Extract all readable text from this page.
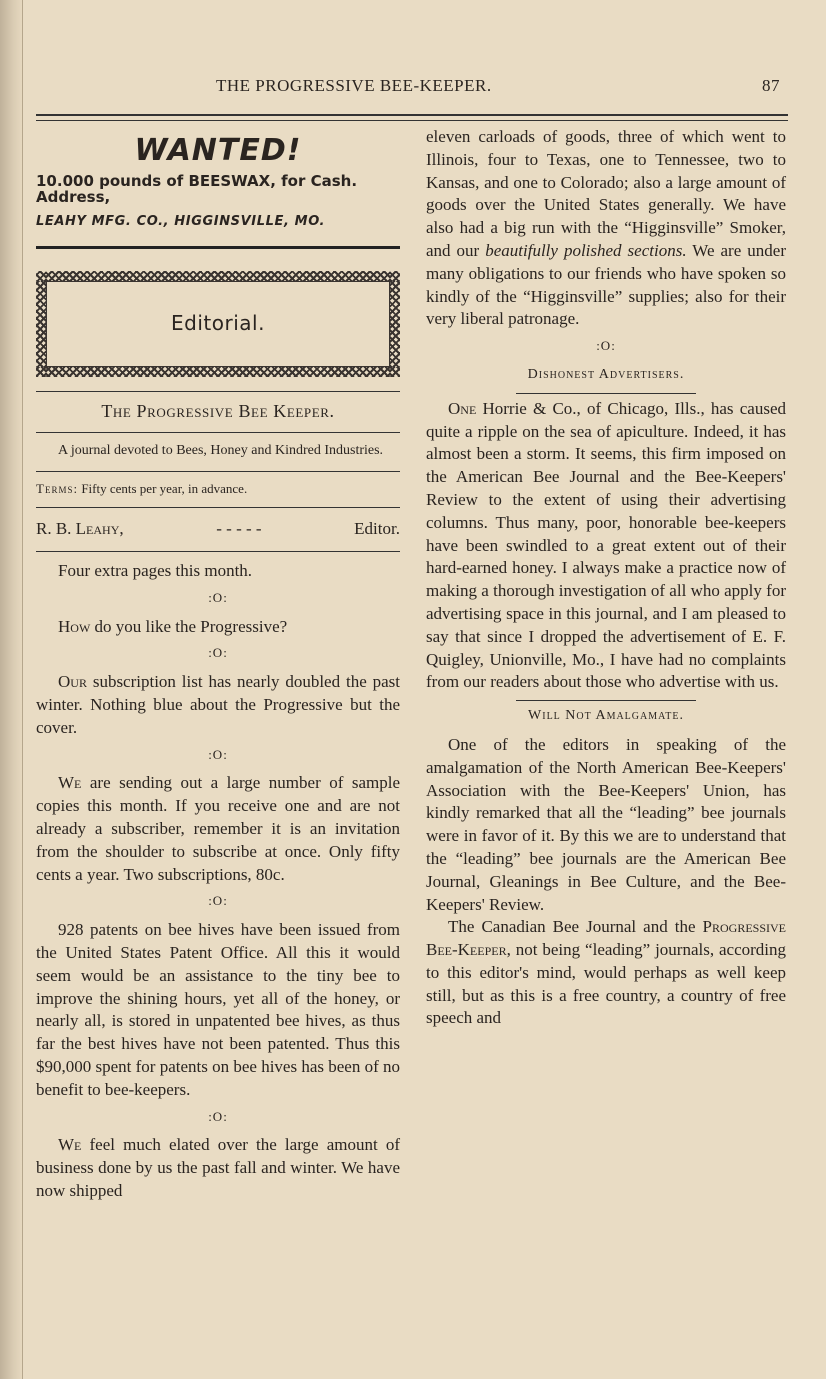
THE PROGRESSIVE BEE-KEEPER.	87
WANTED!
10.000 pounds of BEESWAX, for Cash. Address,
LEAHY MFG. CO., HIGGINSVILLE, MO.
Editorial.
The Progressive Bee Keeper.

A journal devoted to Bees, Honey and Kindred Industries.

Terms: Fifty cents per year, in advance.
R. B. Leahy,	- - - - -	Editor.

Four extra pages this month.

:O:

How do you like the Progressive?

:O:

Our subscription list has nearly doubled the past winter. Nothing blue about the Progressive but the cover.

:O:

We are sending out a large number of sample copies this month. If you receive one and are not already a subscriber, remember it is an invitation from the shoulder to subscribe at once. Only fifty cents a year. Two subscriptions, 80c.

:O:

928 patents on bee hives have been issued from the United States Patent Office. All this it would seem would be an assistance to the tiny bee to improve the shining hours, yet all of the honey, or nearly all, is stored in unpatented bee hives, as thus far the best hives have not been patented. Thus this $90,000 spent for patents on bee hives has been of no benefit to bee-keepers.

:O:

We feel much elated over the large amount of business done by us the past fall and winter. We have now shipped

eleven carloads of goods, three of which went to Illinois, four to Texas, one to Tennessee, two to Kansas, and one to Colorado; also a large amount of goods over the United States generally. We have also had a big run with the “Higginsville” Smoker, and our beautifully polished sections. We are under many obligations to our friends who have spoken so kindly of the “Higginsville” supplies; also for their very liberal patronage.

:O:
Dishonest Advertisers.

One Horrie & Co., of Chicago, Ills., has caused quite a ripple on the sea of apiculture. Indeed, it has almost been a storm. It seems, this firm imposed on the American Bee Journal and the Bee-Keepers' Review to the extent of using their advertising columns. Thus many, poor, honorable bee-keepers have been swindled to a great extent out of their hard-earned honey. I always make a practice now of making a thorough investigation of all who apply for advertising space in this journal, and I am pleased to say that since I dropped the advertisement of E. F. Quigley, Unionville, Mo., I have had no complaints from our readers about those who advertise with us.

Will Not Amalgamate.

One of the editors in speaking of the amalgamation of the North American Bee-Keepers' Association with the Bee-Keepers' Union, has kindly remarked that all the “leading” bee journals were in favor of it. By this we are to understand that the “leading” bee journals are the American Bee Journal, Gleanings in Bee Culture, and the Bee-Keepers' Review.

The Canadian Bee Journal and the Progressive Bee-Keeper, not being “leading” journals, according to this editor's mind, would perhaps as well keep still, but as this is a free country, a country of free speech and
